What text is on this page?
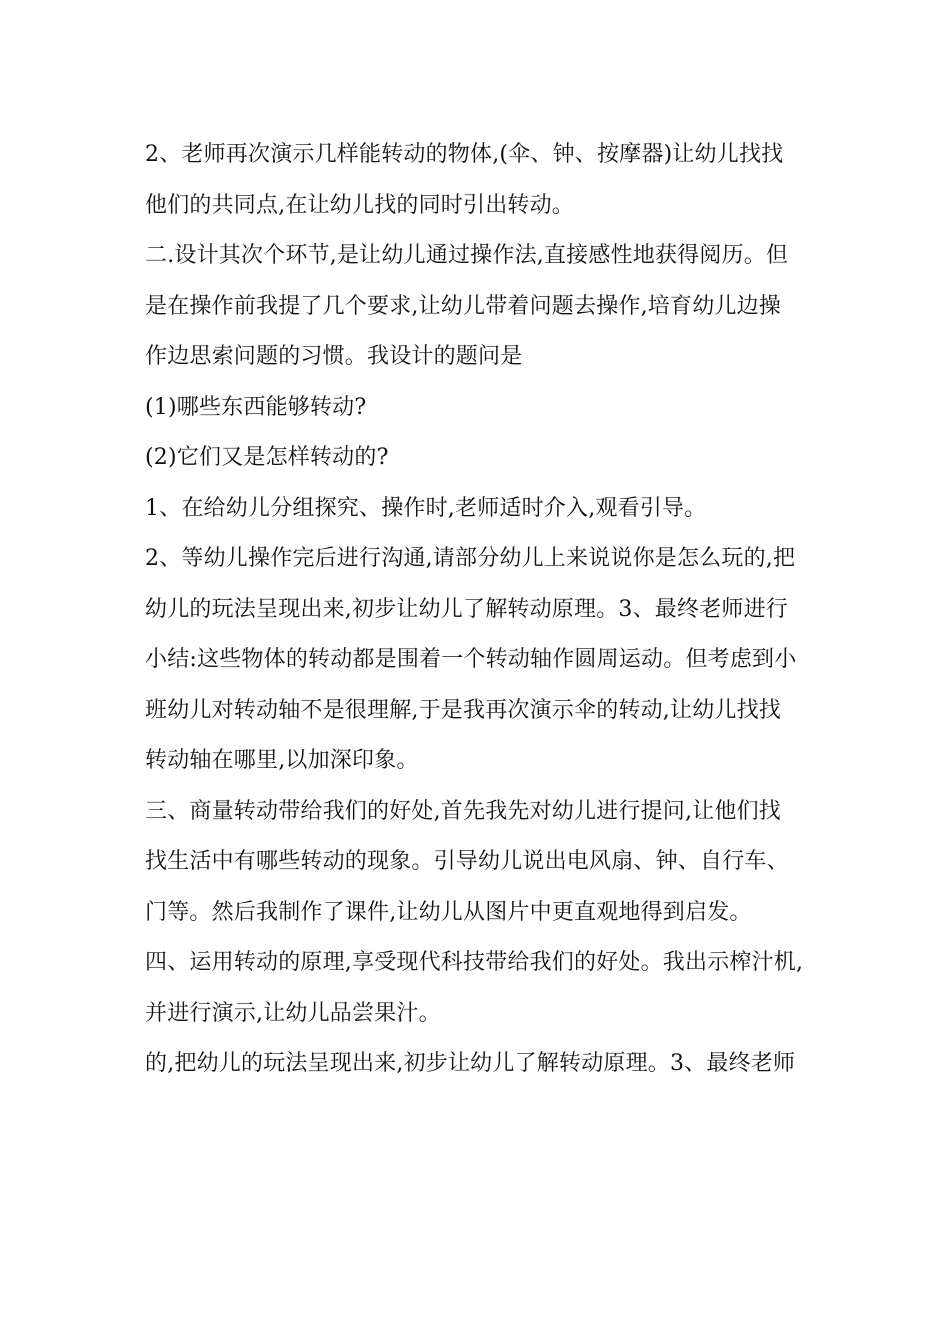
2、老师再次演示几样能转动的物体,(伞、钟、按摩器)让幼儿找找
他们的共同点,在让幼儿找的同时引出转动。
二.设计其次个环节,是让幼儿通过操作法,直接感性地获得阅历。但
是在操作前我提了几个要求,让幼儿带着问题去操作,培育幼儿边操
作边思索问题的习惯。我设计的题问是
(1)哪些东西能够转动?
(2)它们又是怎样转动的?
1、在给幼儿分组探究、操作时,老师适时介入,观看引导。
2、等幼儿操作完后进行沟通,请部分幼儿上来说说你是怎么玩的,把
幼儿的玩法呈现出来,初步让幼儿了解转动原理。3、最终老师进行
小结:这些物体的转动都是围着一个转动轴作圆周运动。但考虑到小
班幼儿对转动轴不是很理解,于是我再次演示伞的转动,让幼儿找找
转动轴在哪里,以加深印象。
三、商量转动带给我们的好处,首先我先对幼儿进行提问,让他们找
找生活中有哪些转动的现象。引导幼儿说出电风扇、钟、自行车、
门等。然后我制作了课件,让幼儿从图片中更直观地得到启发。
四、运用转动的原理,享受现代科技带给我们的好处。我出示榨汁机,
并进行演示,让幼儿品尝果汁。
的,把幼儿的玩法呈现出来,初步让幼儿了解转动原理。3、最终老师
